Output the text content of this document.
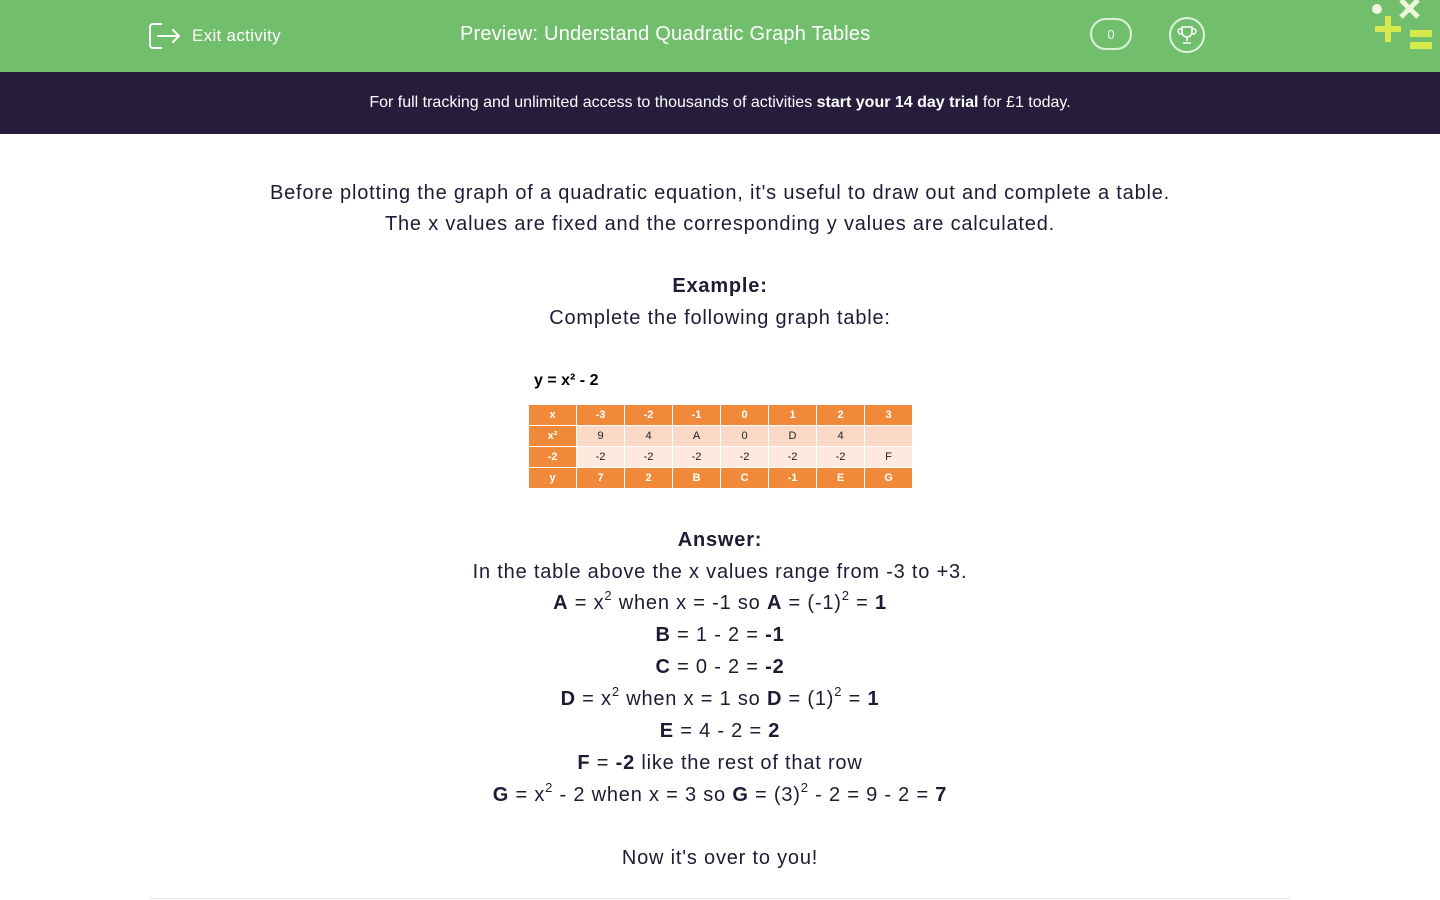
Exit activity	Preview: Understand Quadratic Graph Tables	0
For full tracking and unlimited access to thousands of activities start your 14 day trial for £1 today.
Before plotting the graph of a quadratic equation, it's useful to draw out and complete a table.
The x values are fixed and the corresponding y values are calculated.
Example:
Complete the following graph table:
y = x² - 2
x	-3	-2	-1	0	1	2	3
x²	9	4	A	0	D	4	
-2	-2	-2	-2	-2	-2	-2	F
y	7	2	B	C	-1	E	G
Answer:
In the table above the x values range from -3 to +3.
$A = x^2$ when x = -1 so $A = (-1)^2 = 1$
B = 1 - 2 = -1
C = 0 - 2 = -2
$D = x^2$ when x = 1 so $D = (1)^2 = 1$
E = 4 - 2 = 2
F = -2 like the rest of that row
$G = x^2 - 2$ when x = 3 so $G = (3)^2 - 2 = 9 - 2 = 7$
Now it's over to you!
